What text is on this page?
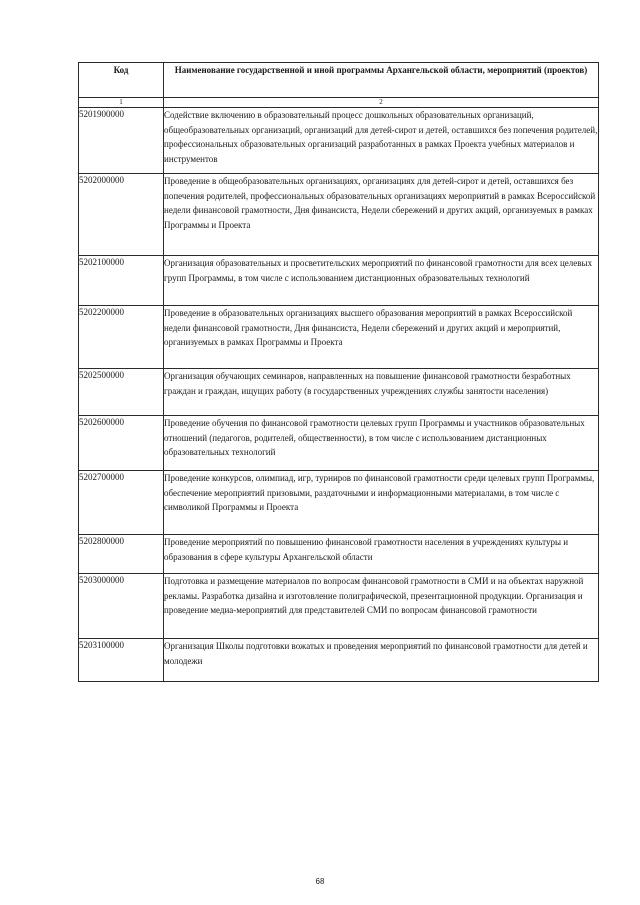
Код	Наименование государственной и иной программы Архангельской области, мероприятий (проектов)
1	2
5201900000	Содействие включению в образовательный процесс дошкольных образовательных организаций, общеобразовательных организаций, организаций для детей-сирот и детей, оставшихся без попечения родителей, профессиональных образовательных организаций разработанных в рамках Проекта учебных материалов и инструментов
5202000000	Проведение в общеобразовательных организациях, организациях для детей-сирот и детей, оставшихся без попечения родителей, профессиональных образовательных организациях мероприятий в рамках Всероссийской недели финансовой грамотности, Дня финансиста, Недели сбережений и других акций, организуемых в рамках Программы и Проекта
5202100000	Организация образовательных и просветительских мероприятий по финансовой грамотности для всех целевых групп Программы, в том числе с использованием дистанционных образовательных технологий
5202200000	Проведение в образовательных организациях высшего образования мероприятий в рамках Всероссийской недели финансовой грамотности, Дня финансиста, Недели сбережений и других акций и мероприятий, организуемых в рамках Программы и Проекта
5202500000	Организация обучающих семинаров, направленных на повышение финансовой грамотности безработных граждан и граждан, ищущих работу (в государственных учреждениях службы занятости населения)
5202600000	Проведение обучения по финансовой грамотности целевых групп Программы и участников образовательных отношений (педагогов, родителей, общественности), в том числе с использованием дистанционных образовательных технологий
5202700000	Проведение конкурсов, олимпиад, игр, турниров по финансовой грамотности среди целевых групп Программы, обеспечение мероприятий призовыми, раздаточными и информационными материалами, в том числе с символикой Программы и Проекта
5202800000	Проведение мероприятий по повышению финансовой грамотности населения в учреждениях культуры и образования в сфере культуры Архангельской области
5203000000	Подготовка и размещение материалов по вопросам финансовой грамотности в СМИ и на объектах наружной рекламы. Разработка дизайна и изготовление полиграфической, презентационной продукции. Организация и проведение медиа-мероприятий для представителей СМИ по вопросам финансовой грамотности
5203100000	Организация Школы подготовки вожатых и проведения мероприятий по финансовой грамотности для детей и молодежи
68
